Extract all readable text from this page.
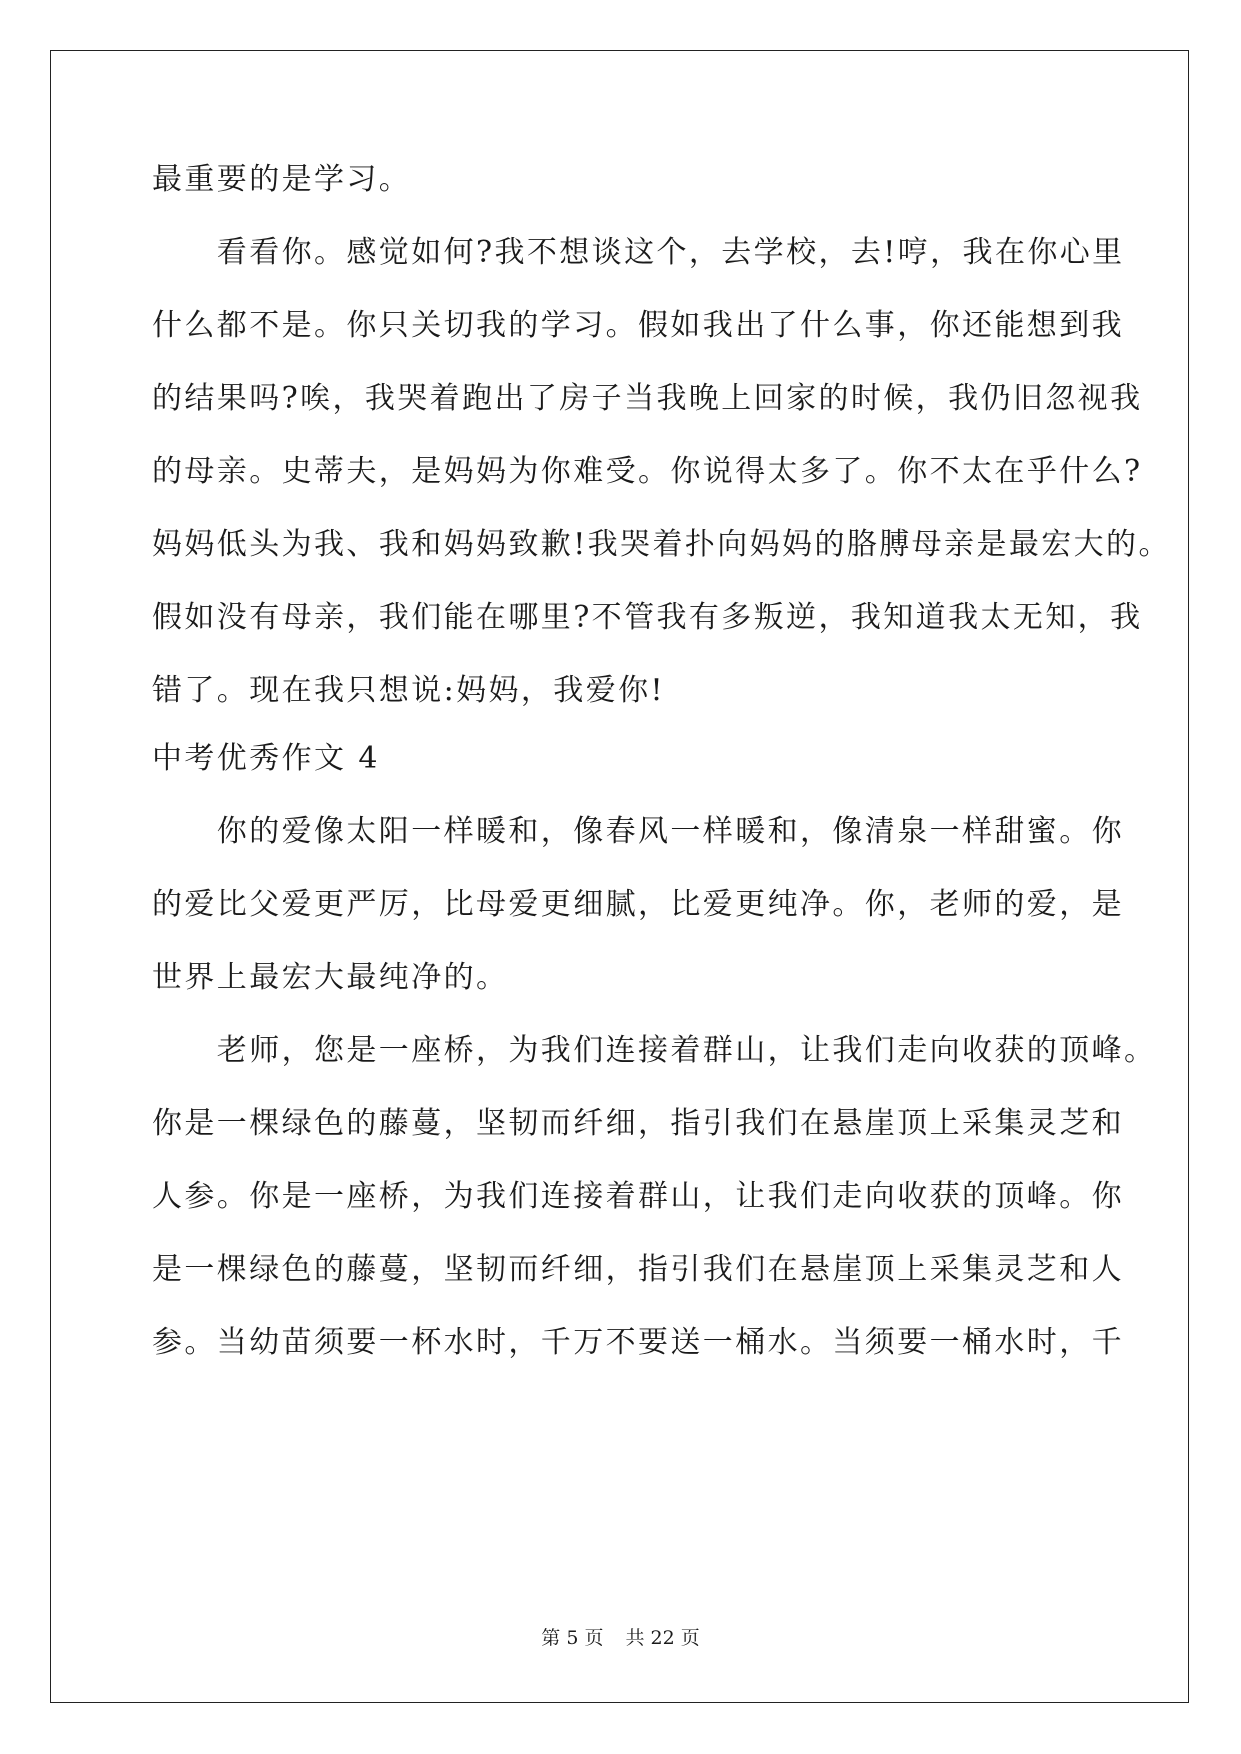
最重要的是学习。
　　看看你。感觉如何?我不想谈这个，去学校，去!哼，我在你心里
什么都不是。你只关切我的学习。假如我出了什么事，你还能想到我
的结果吗?唉，我哭着跑出了房子当我晚上回家的时候，我仍旧忽视我
的母亲。史蒂夫，是妈妈为你难受。你说得太多了。你不太在乎什么?
妈妈低头为我、我和妈妈致歉!我哭着扑向妈妈的胳膊母亲是最宏大的。
假如没有母亲，我们能在哪里?不管我有多叛逆，我知道我太无知，我
错了。现在我只想说:妈妈，我爱你!
中考优秀作文 4
　　你的爱像太阳一样暖和，像春风一样暖和，像清泉一样甜蜜。你
的爱比父爱更严厉，比母爱更细腻，比爱更纯净。你，老师的爱，是
世界上最宏大最纯净的。
　　老师，您是一座桥，为我们连接着群山，让我们走向收获的顶峰。
你是一棵绿色的藤蔓，坚韧而纤细，指引我们在悬崖顶上采集灵芝和
人参。你是一座桥，为我们连接着群山，让我们走向收获的顶峰。你
是一棵绿色的藤蔓，坚韧而纤细，指引我们在悬崖顶上采集灵芝和人
参。当幼苗须要一杯水时，千万不要送一桶水。当须要一桶水时，千
第 5 页 共 22 页
